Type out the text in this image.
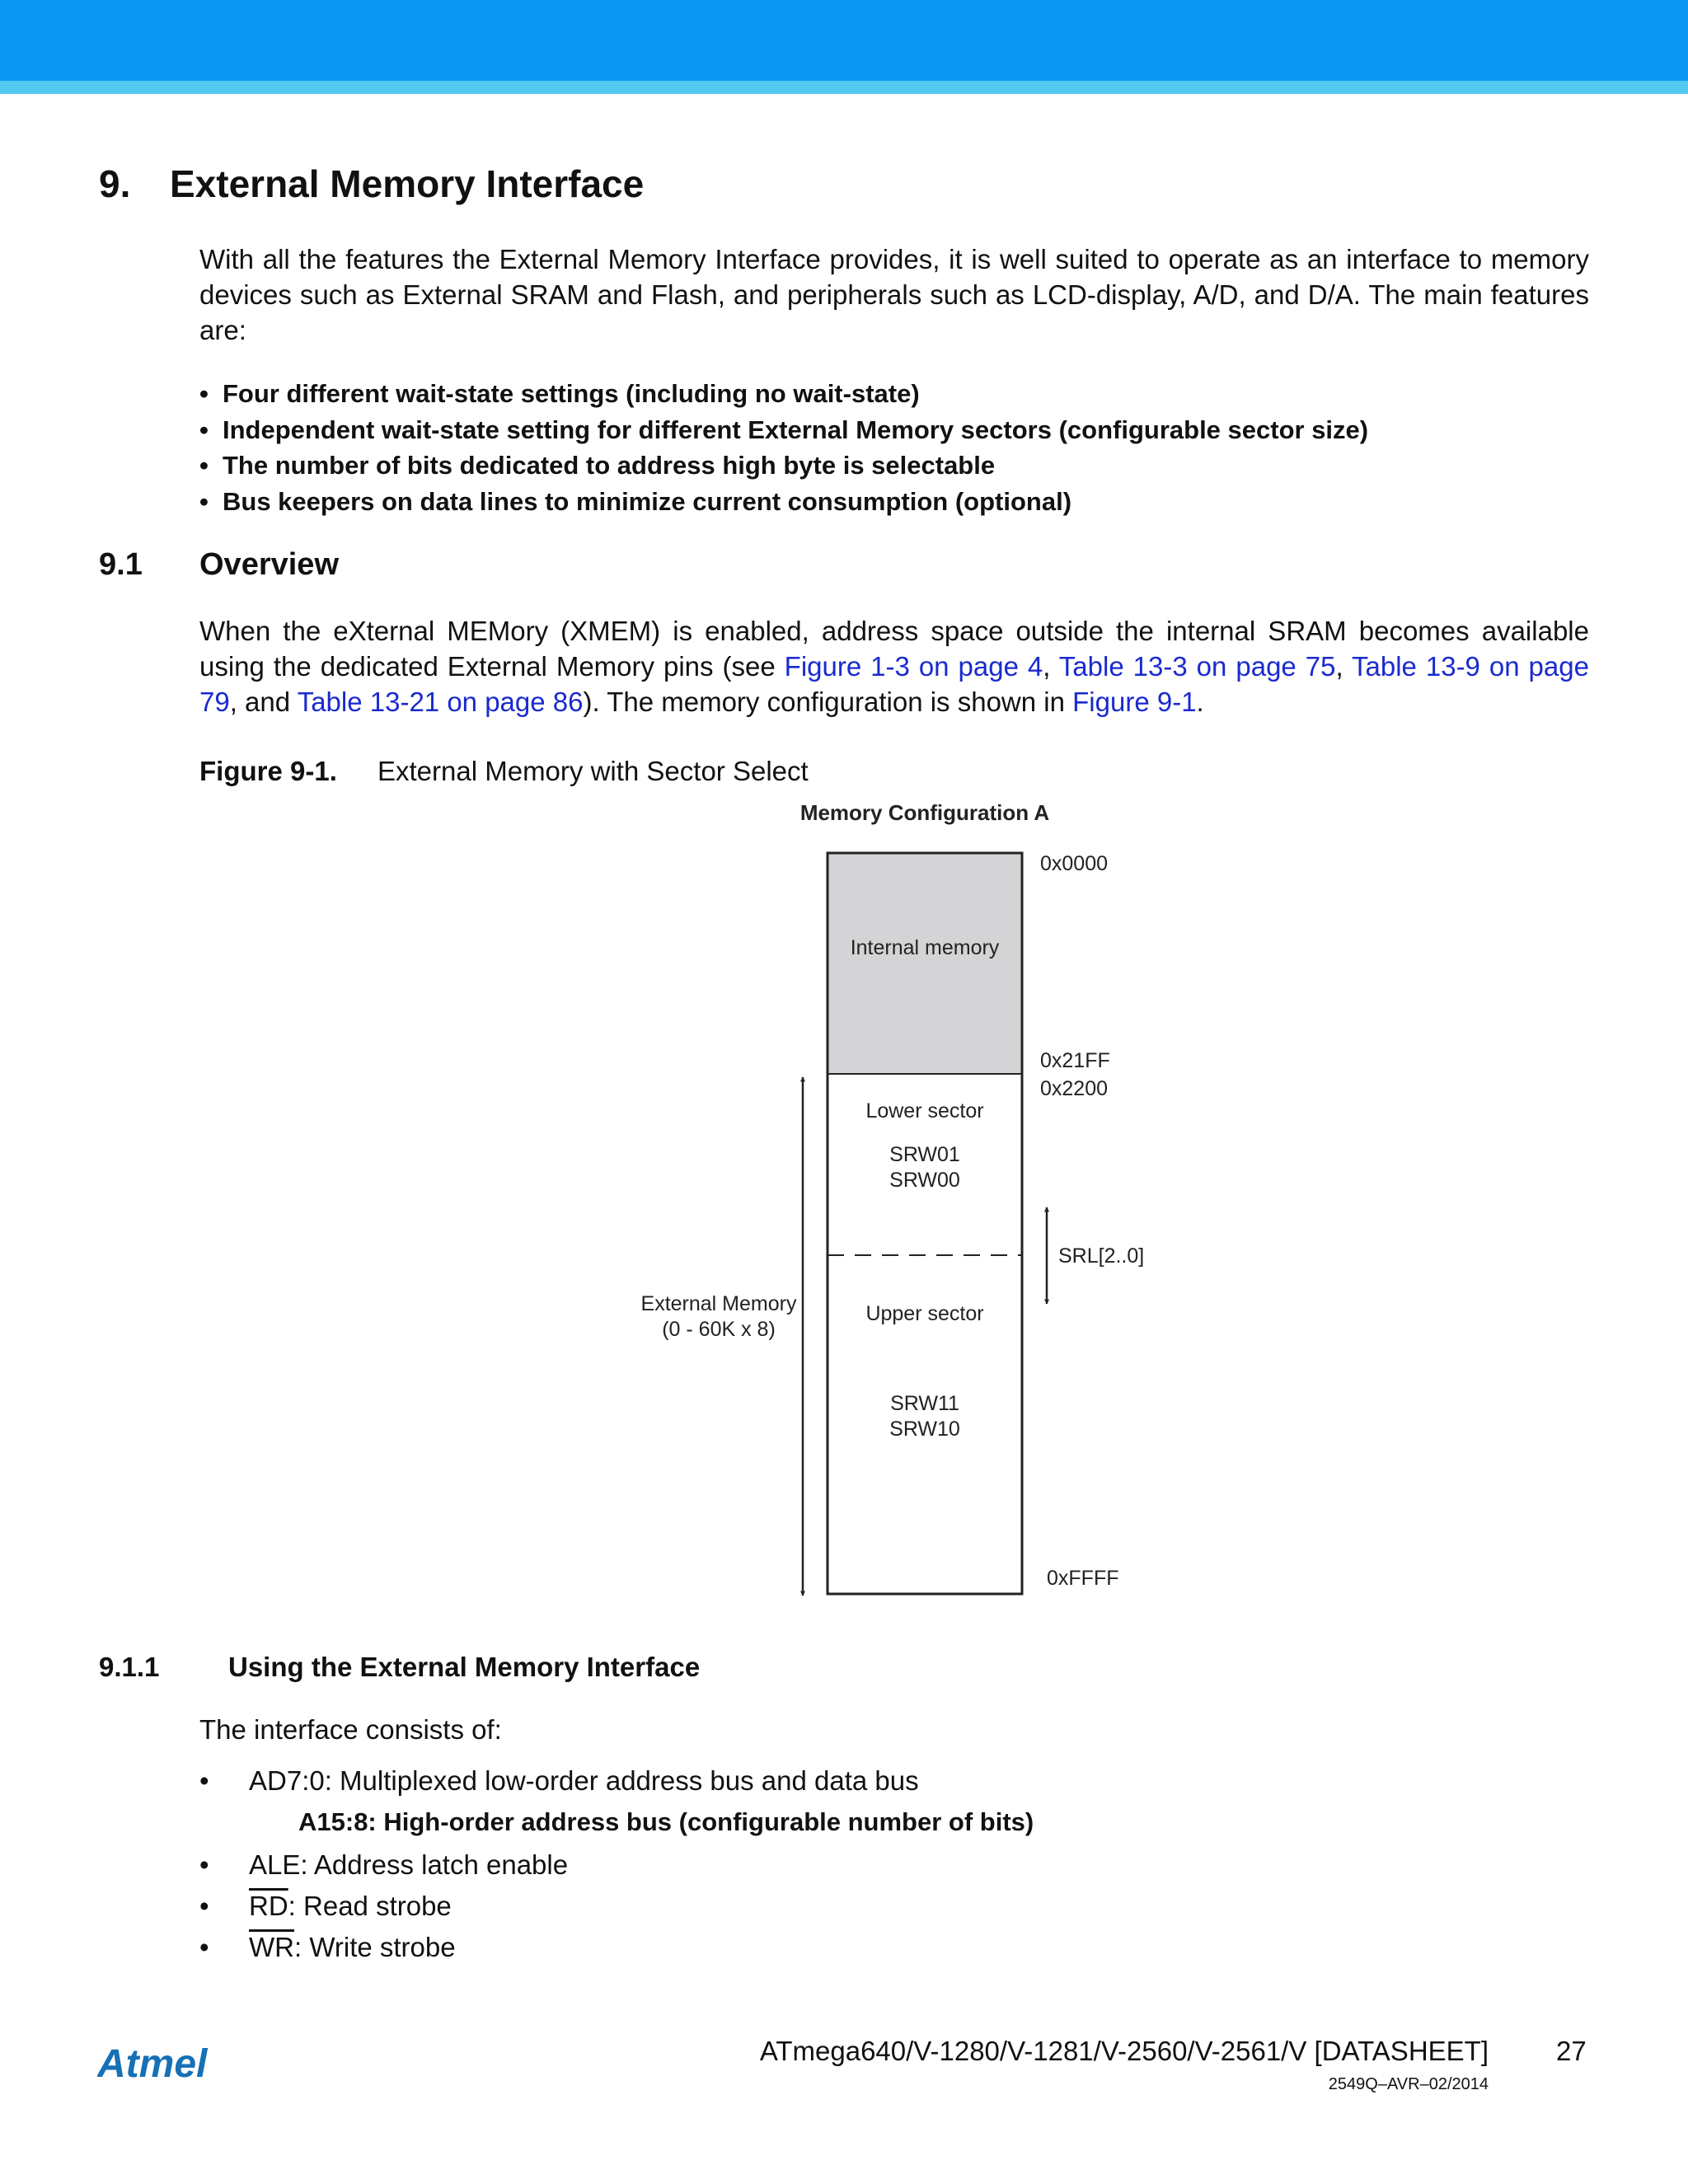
9. External Memory Interface

With all the features the External Memory Interface provides, it is well suited to operate as an interface to memory devices such as External SRAM and Flash, and peripherals such as LCD-display, A/D, and D/A. The main features are:

• Four different wait-state settings (including no wait-state)
• Independent wait-state setting for different External Memory sectors (configurable sector size)
• The number of bits dedicated to address high byte is selectable
• Bus keepers on data lines to minimize current consumption (optional)
9.1 Overview

When the eXternal MEMory (XMEM) is enabled, address space outside the internal SRAM becomes available using the dedicated External Memory pins (see Figure 1-3 on page 4, Table 13-3 on page 75, Table 13-9 on page 79, and Table 13-21 on page 86). The memory configuration is shown in Figure 9-1.

Figure 9-1. External Memory with Sector Select
Memory Configuration A
Internal memory
Lower sector
SRW01
SRW00
Upper sector
SRW11
SRW10
0x0000
0x21FF
0x2200
0xFFFF
External Memory
(0 - 60K x 8)
SRL[2..0]
9.1.1	Using the External Memory Interface
The interface consists of:
• AD7:0: Multiplexed low-order address bus and data bus
A15:8: High-order address bus (configurable number of bits)
• ALE: Address latch enable
• $\overline{RD}$: Read strobe
• $\overline{WR}$: Write strobe
Atmel	ATmega640/V-1280/V-1281/V-2560/V-2561/V [DATASHEET] 27
2549Q–AVR–02/2014
